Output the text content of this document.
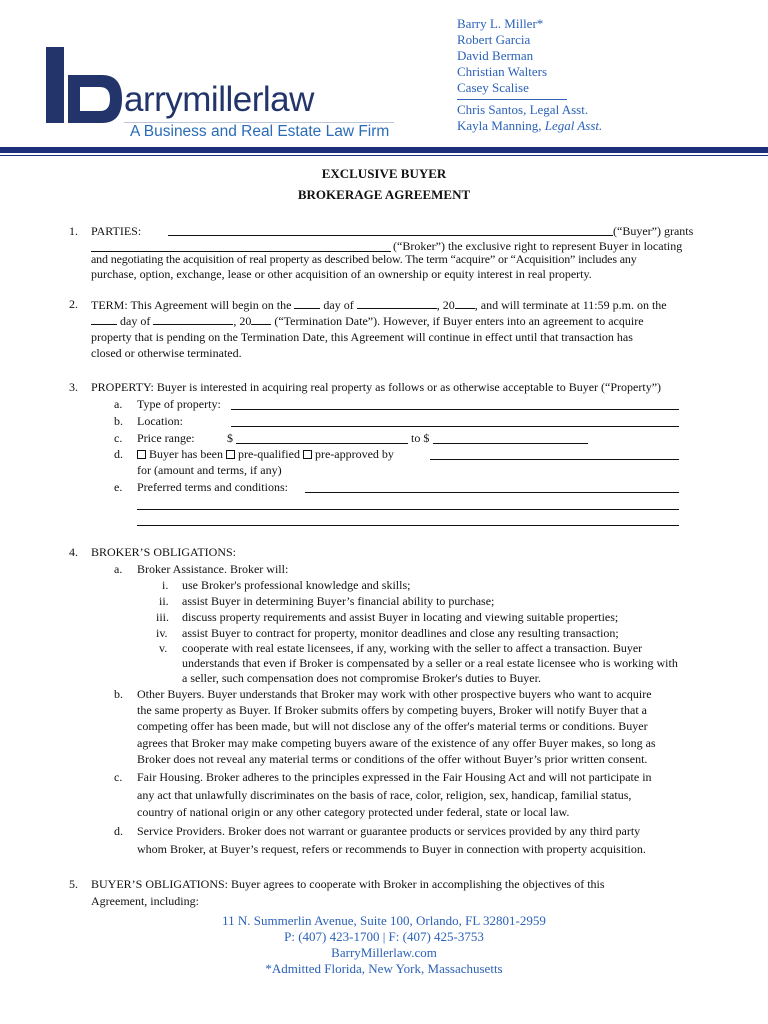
arrymillerlaw
A Business and Real Estate Law Firm
Barry L. Miller*
Robert Garcia
David Berman
Christian Walters
Casey Scalise
Chris Santos, Legal Asst.
Kayla Manning, Legal Asst.
EXCLUSIVE BUYER
BROKERAGE AGREEMENT
1. PARTIES:	(“Buyer”) grants
(“Broker”) the exclusive right to represent Buyer in locating
and negotiating the acquisition of real property as described below. The term “acquire” or “Acquisition” includes any
purchase, option, exchange, lease or other acquisition of an ownership or equity interest in real property.
2. TERM: This Agreement will begin on the	day of	, 20 , and will terminate at 11:59 p.m. on the
day of	, 20 (“Termination Date”). However, if Buyer enters into an agreement to acquire
property that is pending on the Termination Date, this Agreement will continue in effect until that transaction has
closed or otherwise terminated.
3. PROPERTY: Buyer is interested in acquiring real property as follows or as otherwise acceptable to Buyer (“Property”)
a. Type of property:
b. Location:
c. Price range:	$	to $
d.	Buyer has been pre-qualified pre-approved by
for (amount and terms, if any)
e. Preferred terms and conditions:
4. BROKER’S OBLIGATIONS:
a. Broker Assistance. Broker will:
i. use Broker's professional knowledge and skills;
ii. assist Buyer in determining Buyer’s financial ability to purchase;
iii. discuss property requirements and assist Buyer in locating and viewing suitable properties;
iv. assist Buyer to contract for property, monitor deadlines and close any resulting transaction;
v. cooperate with real estate licensees, if any, working with the seller to affect a transaction. Buyer
understands that even if Broker is compensated by a seller or a real estate licensee who is working with
a seller, such compensation does not compromise Broker's duties to Buyer.
b. Other Buyers. Buyer understands that Broker may work with other prospective buyers who want to acquire
the same property as Buyer. If Broker submits offers by competing buyers, Broker will notify Buyer that a
competing offer has been made, but will not disclose any of the offer's material terms or conditions. Buyer
agrees that Broker may make competing buyers aware of the existence of any offer Buyer makes, so long as
Broker does not reveal any material terms or conditions of the offer without Buyer’s prior written consent.
c. Fair Housing. Broker adheres to the principles expressed in the Fair Housing Act and will not participate in
any act that unlawfully discriminates on the basis of race, color, religion, sex, handicap, familial status,
country of national origin or any other category protected under federal, state or local law.
d. Service Providers. Broker does not warrant or guarantee products or services provided by any third party
whom Broker, at Buyer’s request, refers or recommends to Buyer in connection with property acquisition.
5. BUYER’S OBLIGATIONS: Buyer agrees to cooperate with Broker in accomplishing the objectives of this
Agreement, including:
11 N. Summerlin Avenue, Suite 100, Orlando, FL 32801-2959
P: (407) 423-1700 | F: (407) 425-3753
BarryMillerlaw.com
*Admitted Florida, New York, Massachusetts
